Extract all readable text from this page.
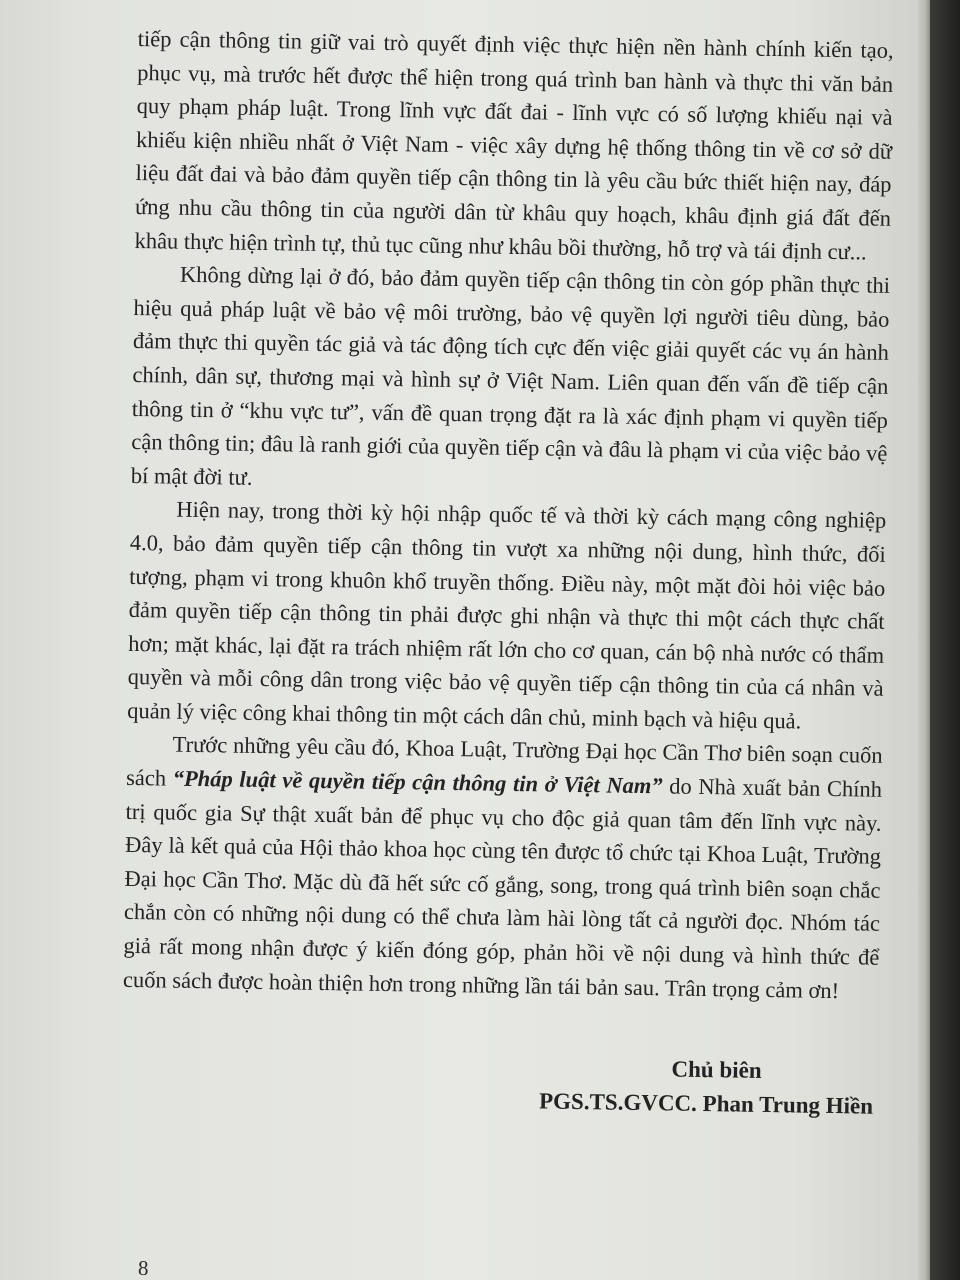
tiếp cận thông tin giữ vai trò quyết định việc thực hiện nền hành chính kiến tạo, phục vụ, mà trước hết được thể hiện trong quá trình ban hành và thực thi văn bản quy phạm pháp luật. Trong lĩnh vực đất đai - lĩnh vực có số lượng khiếu nại và khiếu kiện nhiều nhất ở Việt Nam - việc xây dựng hệ thống thông tin về cơ sở dữ liệu đất đai và bảo đảm quyền tiếp cận thông tin là yêu cầu bức thiết hiện nay, đáp ứng nhu cầu thông tin của người dân từ khâu quy hoạch, khâu định giá đất đến khâu thực hiện trình tự, thủ tục cũng như khâu bồi thường, hỗ trợ và tái định cư...

Không dừng lại ở đó, bảo đảm quyền tiếp cận thông tin còn góp phần thực thi hiệu quả pháp luật về bảo vệ môi trường, bảo vệ quyền lợi người tiêu dùng, bảo đảm thực thi quyền tác giả và tác động tích cực đến việc giải quyết các vụ án hành chính, dân sự, thương mại và hình sự ở Việt Nam. Liên quan đến vấn đề tiếp cận thông tin ở “khu vực tư”, vấn đề quan trọng đặt ra là xác định phạm vi quyền tiếp cận thông tin; đâu là ranh giới của quyền tiếp cận và đâu là phạm vi của việc bảo vệ bí mật đời tư.

Hiện nay, trong thời kỳ hội nhập quốc tế và thời kỳ cách mạng công nghiệp 4.0, bảo đảm quyền tiếp cận thông tin vượt xa những nội dung, hình thức, đối tượng, phạm vi trong khuôn khổ truyền thống. Điều này, một mặt đòi hỏi việc bảo đảm quyền tiếp cận thông tin phải được ghi nhận và thực thi một cách thực chất hơn; mặt khác, lại đặt ra trách nhiệm rất lớn cho cơ quan, cán bộ nhà nước có thẩm quyền và mỗi công dân trong việc bảo vệ quyền tiếp cận thông tin của cá nhân và quản lý việc công khai thông tin một cách dân chủ, minh bạch và hiệu quả.

Trước những yêu cầu đó, Khoa Luật, Trường Đại học Cần Thơ biên soạn cuốn sách “Pháp luật về quyền tiếp cận thông tin ở Việt Nam” do Nhà xuất bản Chính trị quốc gia Sự thật xuất bản để phục vụ cho độc giả quan tâm đến lĩnh vực này. Đây là kết quả của Hội thảo khoa học cùng tên được tổ chức tại Khoa Luật, Trường Đại học Cần Thơ. Mặc dù đã hết sức cố gắng, song, trong quá trình biên soạn chắc chắn còn có những nội dung có thể chưa làm hài lòng tất cả người đọc. Nhóm tác giả rất mong nhận được ý kiến đóng góp, phản hồi về nội dung và hình thức để cuốn sách được hoàn thiện hơn trong những lần tái bản sau. Trân trọng cảm ơn!

Chủ biên
PGS.TS.GVCC. Phan Trung Hiền
8
